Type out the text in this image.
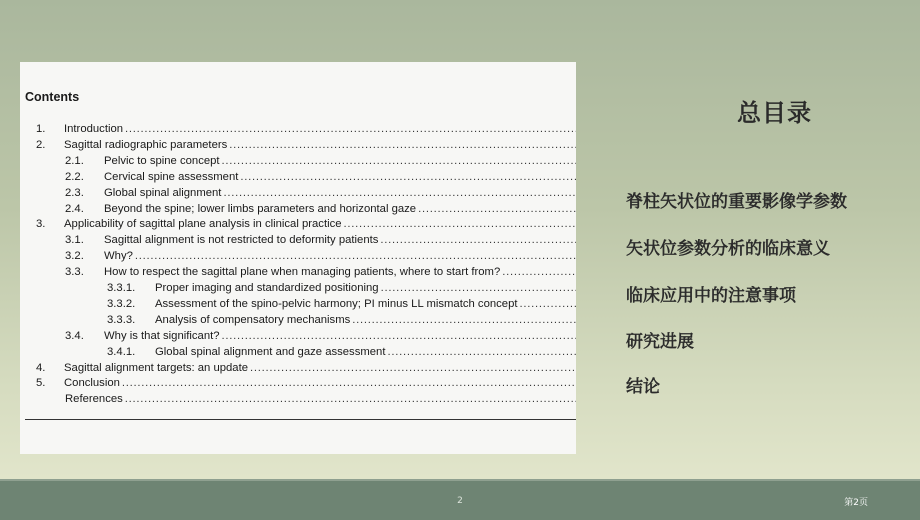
Contents
1.	Introduction
. . .
2.	Sagittal radiographic parameters
. . .
2.1.	Pelvic to spine concept
. . .
2.2.	Cervical spine assessment
. . .
2.3.	Global spinal alignment
. . .
2.4.	Beyond the spine; lower limbs parameters and horizontal gaze
. . .
3.	Applicability of sagittal plane analysis in clinical practice
. . .
3.1.	Sagittal alignment is not restricted to deformity patients
. . .
3.2.	Why?
. . .
3.3.	How to respect the sagittal plane when managing patients, where to start from?
. . .
3.3.1.	Proper imaging and standardized positioning
. . .
3.3.2.	Assessment of the spino-pelvic harmony; PI minus LL mismatch concept
. . .
3.3.3.	Analysis of compensatory mechanisms
. . .
3.4.	Why is that significant?
. . .
3.4.1.	Global spinal alignment and gaze assessment
. . .
4.	Sagittal alignment targets: an update
. . .
5.	Conclusion
. . .
References
. . .
总目录
脊柱矢状位的重要影像学参数
矢状位参数分析的临床意义
临床应用中的注意事项
研究进展
结论
2	第2页
